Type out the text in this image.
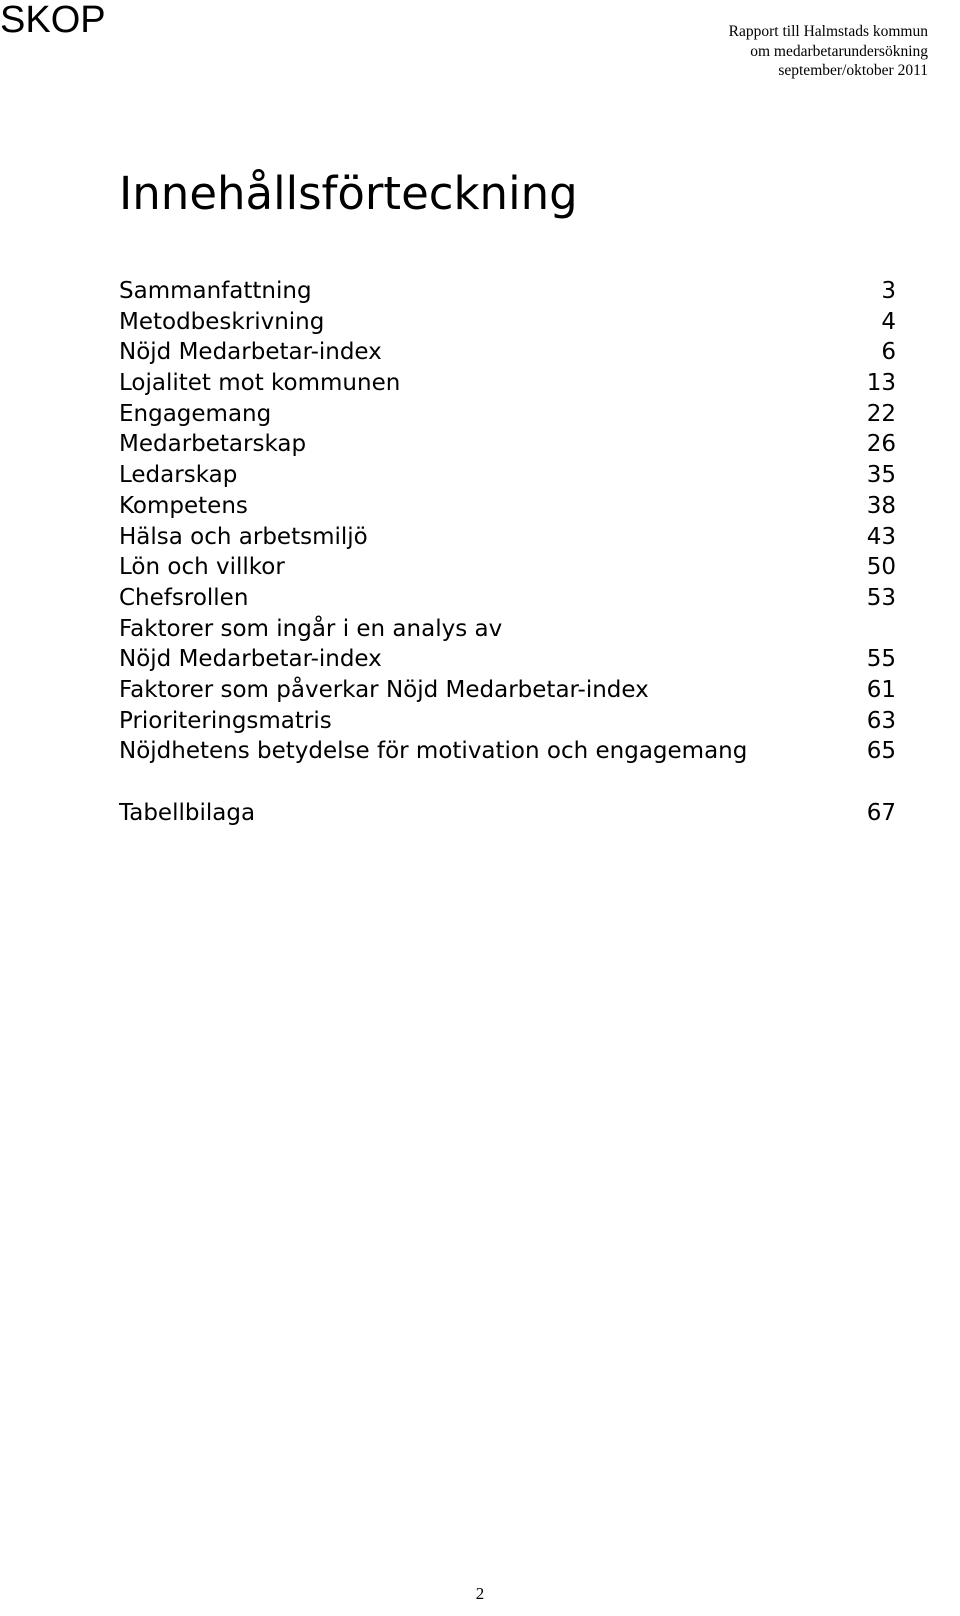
SKOP	Rapport till Halmstads kommun
om medarbetarundersökning
september/oktober 2011
Innehållsförteckning
Sammanfattning	3
Metodbeskrivning	4
Nöjd Medarbetar-index	6
Lojalitet mot kommunen	13
Engagemang	22
Medarbetarskap	26
Ledarskap	35
Kompetens	38
Hälsa och arbetsmiljö	43
Lön och villkor	50
Chefsrollen	53
Faktorer som ingår i en analys av
Nöjd Medarbetar-index	55
Faktorer som påverkar Nöjd Medarbetar-index	61
Prioriteringsmatris	63
Nöjdhetens betydelse för motivation och engagemang	65
Tabellbilaga	67
2
